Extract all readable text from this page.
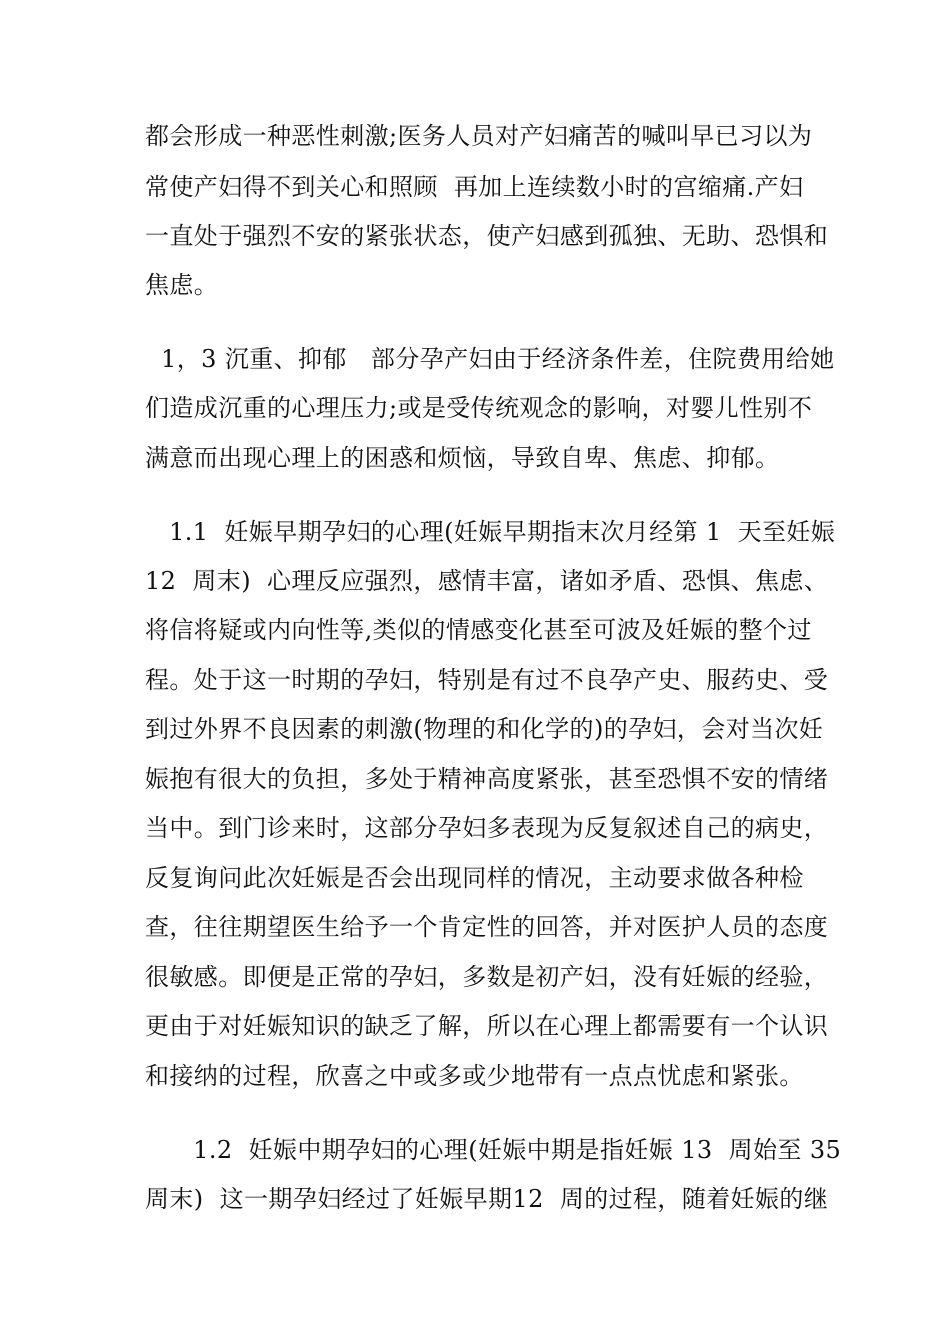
都会形成一种恶性刺激;医务人员对产妇痛苦的喊叫早已习以为
常使产妇得不到关心和照顾  再加上连续数小时的宫缩痛.产妇
一直处于强烈不安的紧张状态，使产妇感到孤独、无助、恐惧和
焦虑。
1，3 沉重、抑郁   部分孕产妇由于经济条件差，住院费用给她
们造成沉重的心理压力;或是受传统观念的影响，对婴儿性别不
满意而出现心理上的困惑和烦恼，导致自卑、焦虑、抑郁。
1.1  妊娠早期孕妇的心理(妊娠早期指末次月经第 1  天至妊娠
12  周末)  心理反应强烈，感情丰富，诸如矛盾、恐惧、焦虑、
将信将疑或内向性等,类似的情感变化甚至可波及妊娠的整个过
程。处于这一时期的孕妇，特别是有过不良孕产史、服药史、受
到过外界不良因素的刺激(物理的和化学的)的孕妇，会对当次妊
娠抱有很大的负担，多处于精神高度紧张，甚至恐惧不安的情绪
当中。到门诊来时，这部分孕妇多表现为反复叙述自己的病史，
反复询问此次妊娠是否会出现同样的情况，主动要求做各种检
查，往往期望医生给予一个肯定性的回答，并对医护人员的态度
很敏感。即便是正常的孕妇，多数是初产妇，没有妊娠的经验，
更由于对妊娠知识的缺乏了解，所以在心理上都需要有一个认识
和接纳的过程，欣喜之中或多或少地带有一点点忧虑和紧张。
1.2  妊娠中期孕妇的心理(妊娠中期是指妊娠 13  周始至 35
周末)  这一期孕妇经过了妊娠早期12  周的过程，随着妊娠的继
